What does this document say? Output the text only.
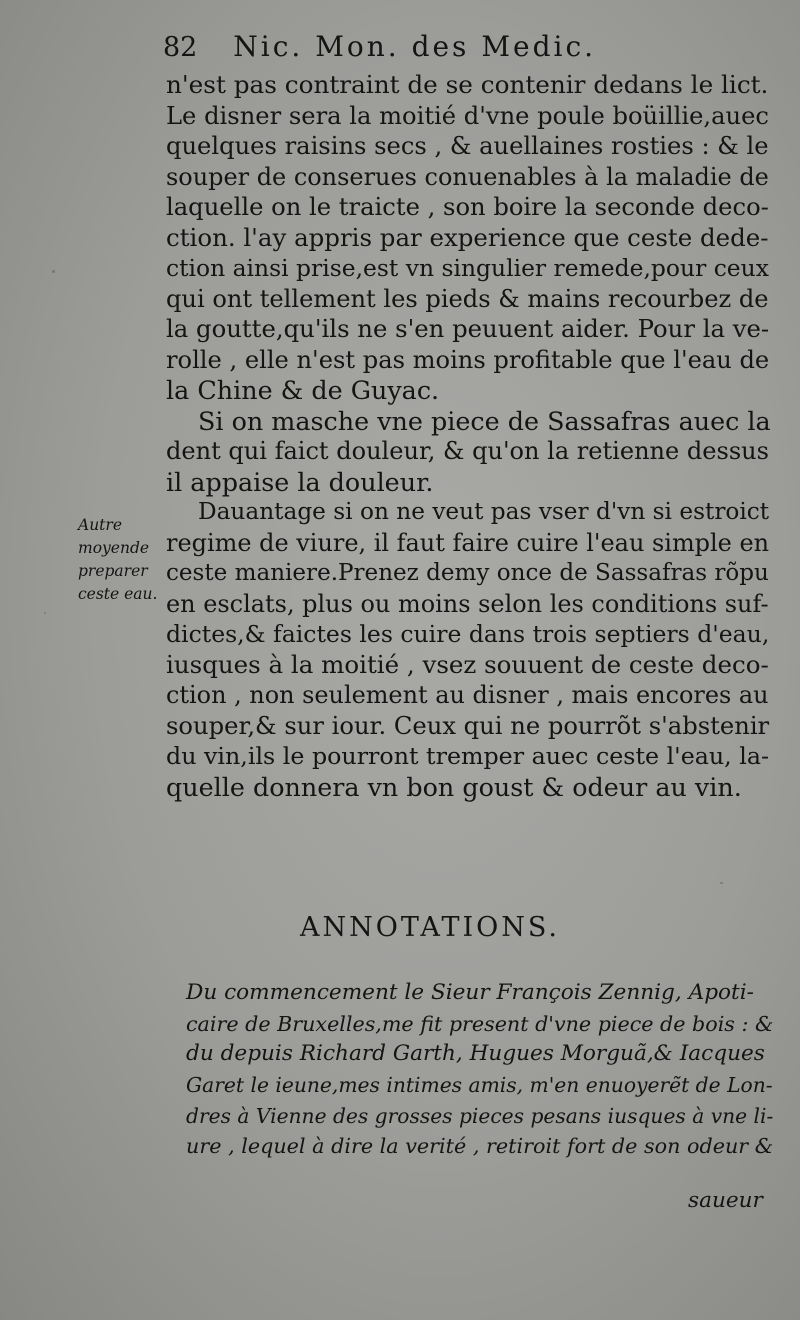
82 Nic. Mon. des Medic.
n'est pas contraint de se contenir dedans le lict.
Le disner sera la moitié d'vne poule boüillie,auec
quelques raisins secs , & auellaines rosties : & le
souper de conserues conuenables à la maladie de
laquelle on le traicte , son boire la seconde deco-
ction. l'ay appris par experience que ceste dede-
ction ainsi prise,est vn singulier remede,pour ceux
qui ont tellement les pieds & mains recourbez de
la goutte,qu'ils ne s'en peuuent aider. Pour la ve-
rolle , elle n'est pas moins profitable que l'eau de
la Chine & de Guyac.
Si on masche vne piece de Sassafras auec la
dent qui faict douleur, & qu'on la retienne dessus
il appaise la douleur.
Dauantage si on ne veut pas vser d'vn si estroict
regime de viure, il faut faire cuire l'eau simple en
ceste maniere.Prenez demy once de Sassafras rõpu
en esclats, plus ou moins selon les conditions suf-
dictes,& faictes les cuire dans trois septiers d'eau,
iusques à la moitié , vsez souuent de ceste deco-
ction , non seulement au disner , mais encores au
souper,& sur iour. Ceux qui ne pourrõt s'abstenir
du vin,ils le pourront tremper auec ceste l'eau, la-
quelle donnera vn bon goust & odeur au vin.
Autre
moyende
preparer
ceste eau.
ANNOTATIONS.
Du commencement le Sieur François Zennig, Apoti-
caire de Bruxelles,me fit present d'vne piece de bois : &
du depuis Richard Garth, Hugues Morguã,& Iacques
Garet le ieune,mes intimes amis, m'en enuoyerẽt de Lon-
dres à Vienne des grosses pieces pesans iusques à vne li-
ure , lequel à dire la verité , retiroit fort de son odeur &
saueur
